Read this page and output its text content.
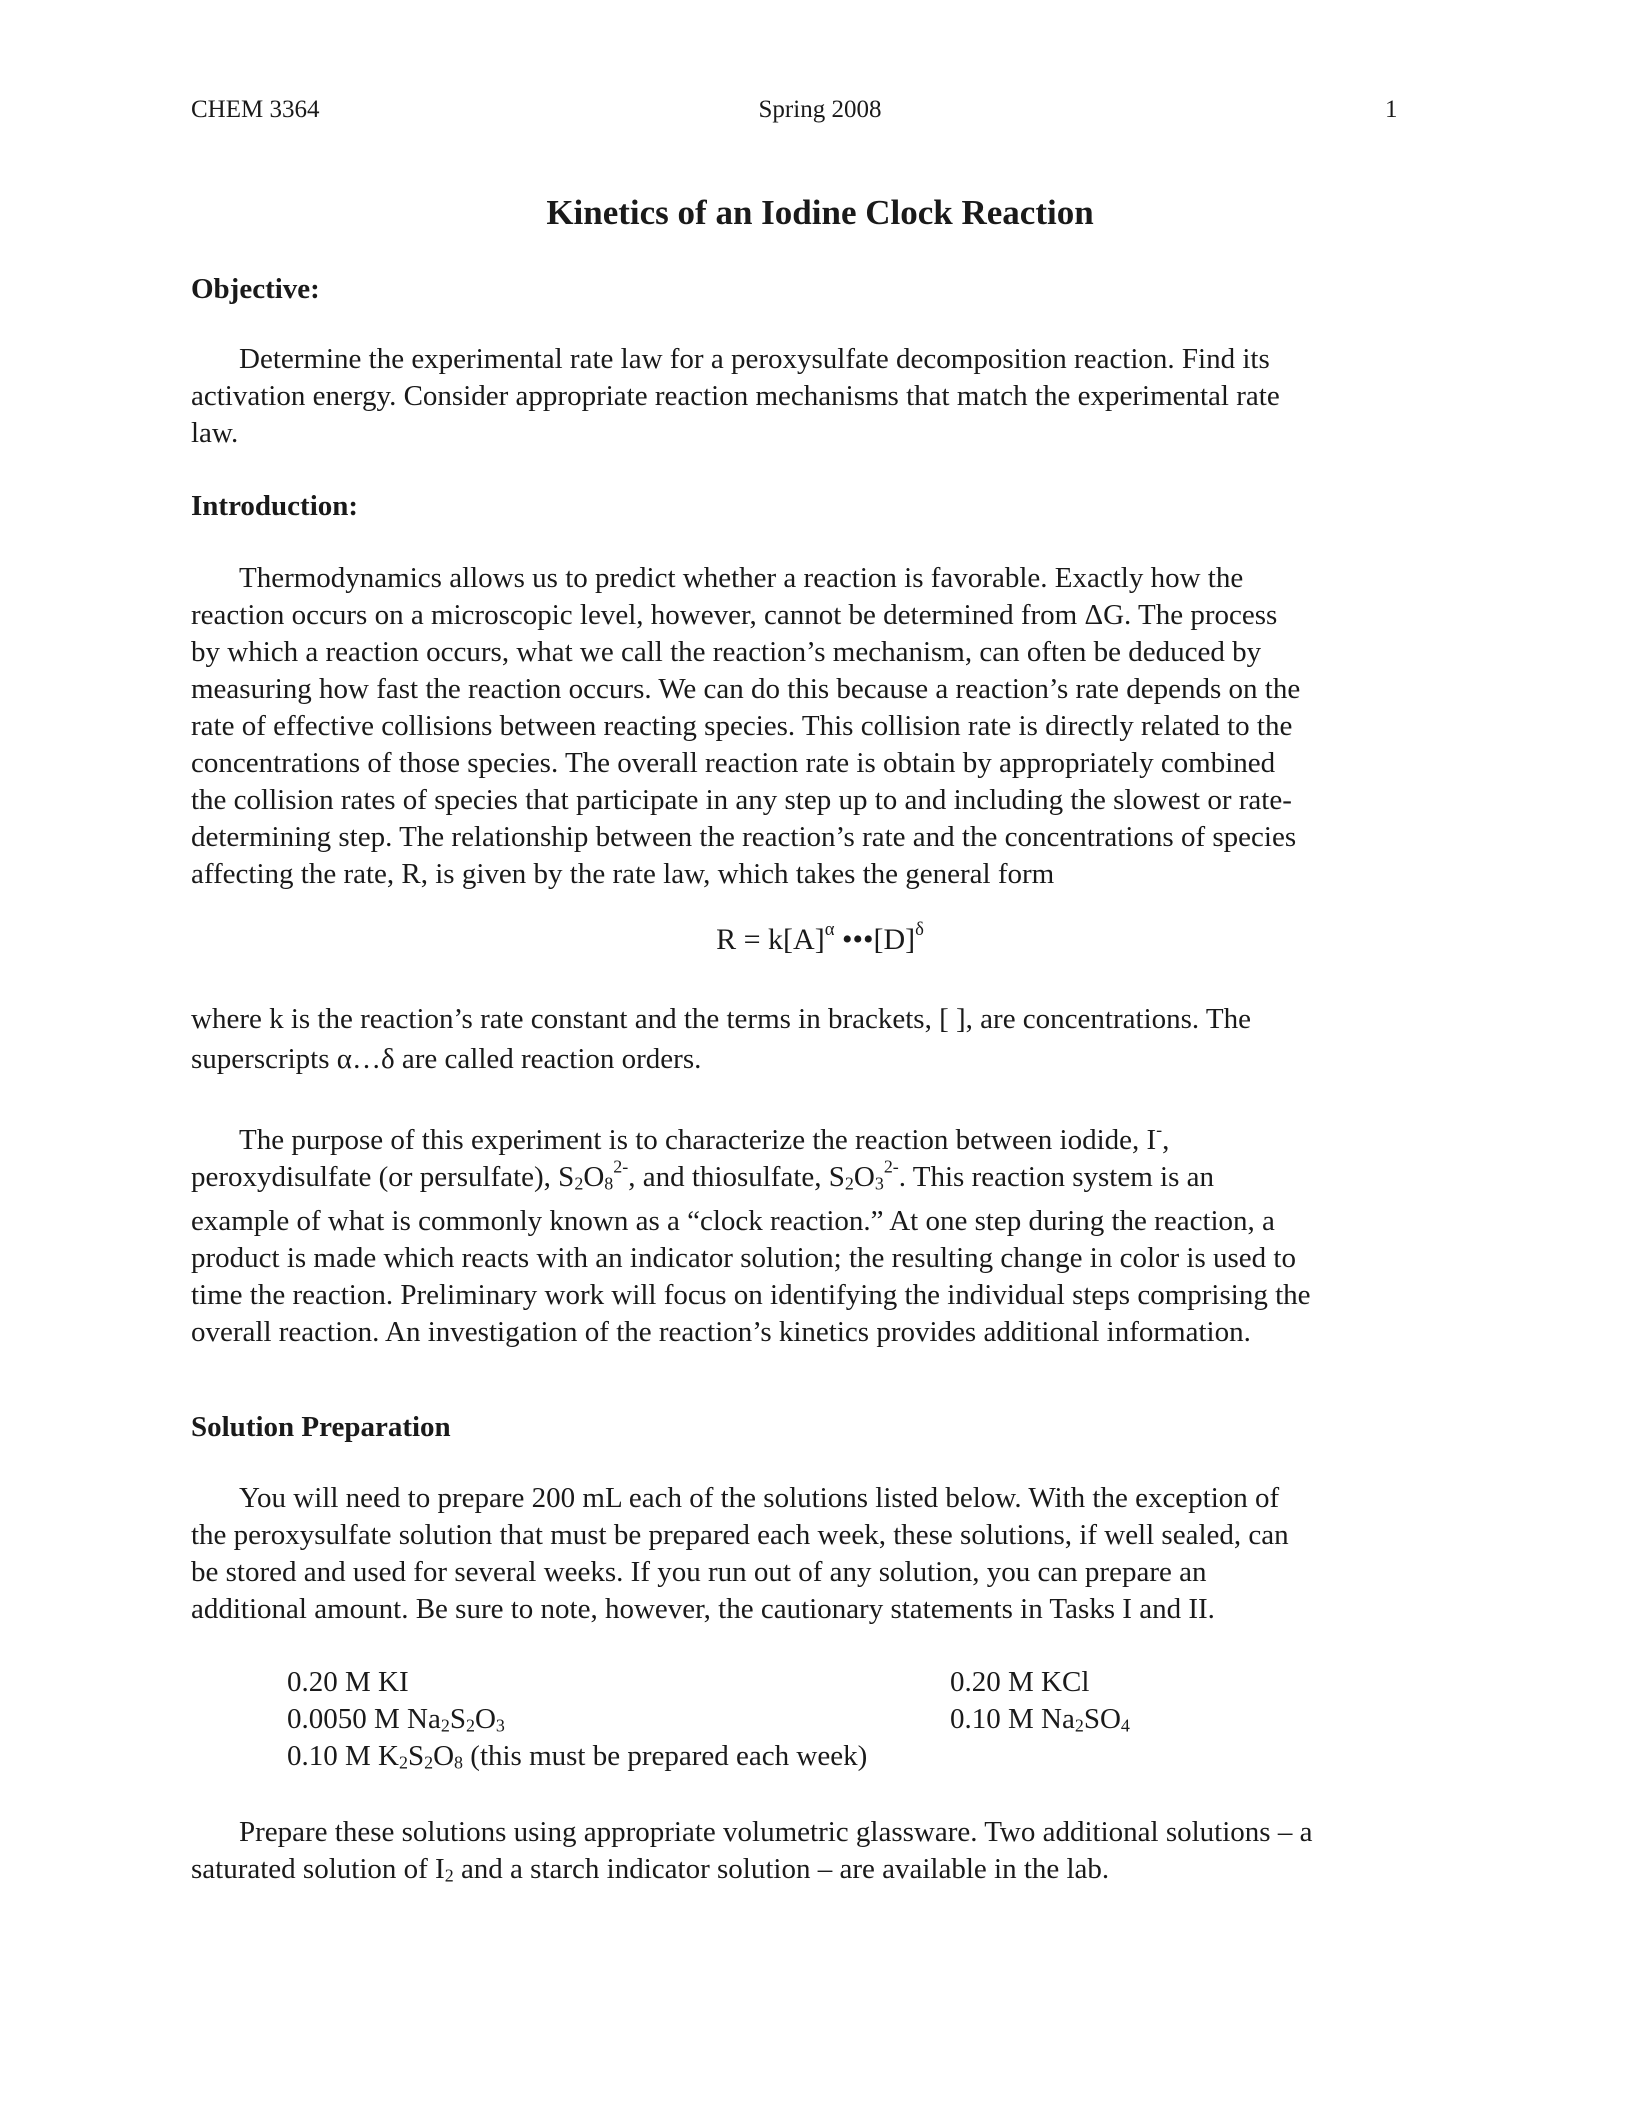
CHEM 3364	Spring 2008	1
Kinetics of an Iodine Clock Reaction
Objective:
Determine the experimental rate law for a peroxysulfate decomposition reaction. Find its
activation energy. Consider appropriate reaction mechanisms that match the experimental rate
law.
Introduction:
Thermodynamics allows us to predict whether a reaction is favorable. Exactly how the
reaction occurs on a microscopic level, however, cannot be determined from ΔG. The process
by which a reaction occurs, what we call the reaction’s mechanism, can often be deduced by
measuring how fast the reaction occurs. We can do this because a reaction’s rate depends on the
rate of effective collisions between reacting species. This collision rate is directly related to the
concentrations of those species. The overall reaction rate is obtain by appropriately combined
the collision rates of species that participate in any step up to and including the slowest or rate-
determining step. The relationship between the reaction’s rate and the concentrations of species
affecting the rate, R, is given by the rate law, which takes the general form
$R = k[A]^\alpha$ $•••[D]^\delta$
where k is the reaction’s rate constant and the terms in brackets, [ ], are concentrations. The
superscripts α…δ are called reaction orders.
The purpose of this experiment is to characterize the reaction between iodide, I-,
peroxydisulfate (or persulfate), $S_2O_8^{2-}$, and thiosulfate, $S_2O_3^{2-}$. This reaction system is an
example of what is commonly known as a “clock reaction.” At one step during the reaction, a
product is made which reacts with an indicator solution; the resulting change in color is used to
time the reaction. Preliminary work will focus on identifying the individual steps comprising the
overall reaction. An investigation of the reaction’s kinetics provides additional information.
Solution Preparation
You will need to prepare 200 mL each of the solutions listed below. With the exception of
the peroxysulfate solution that must be prepared each week, these solutions, if well sealed, can
be stored and used for several weeks. If you run out of any solution, you can prepare an
additional amount. Be sure to note, however, the cautionary statements in Tasks I and II.
0.20 M KI	0.20 M KCl
0.0050 M $Na_2S_2O_3$	0.10 M $Na_2SO_4$
0.10 M $K_2S_2O_8$ (this must be prepared each week)
Prepare these solutions using appropriate volumetric glassware. Two additional solutions – a
saturated solution of $I_2$ and a starch indicator solution – are available in the lab.
